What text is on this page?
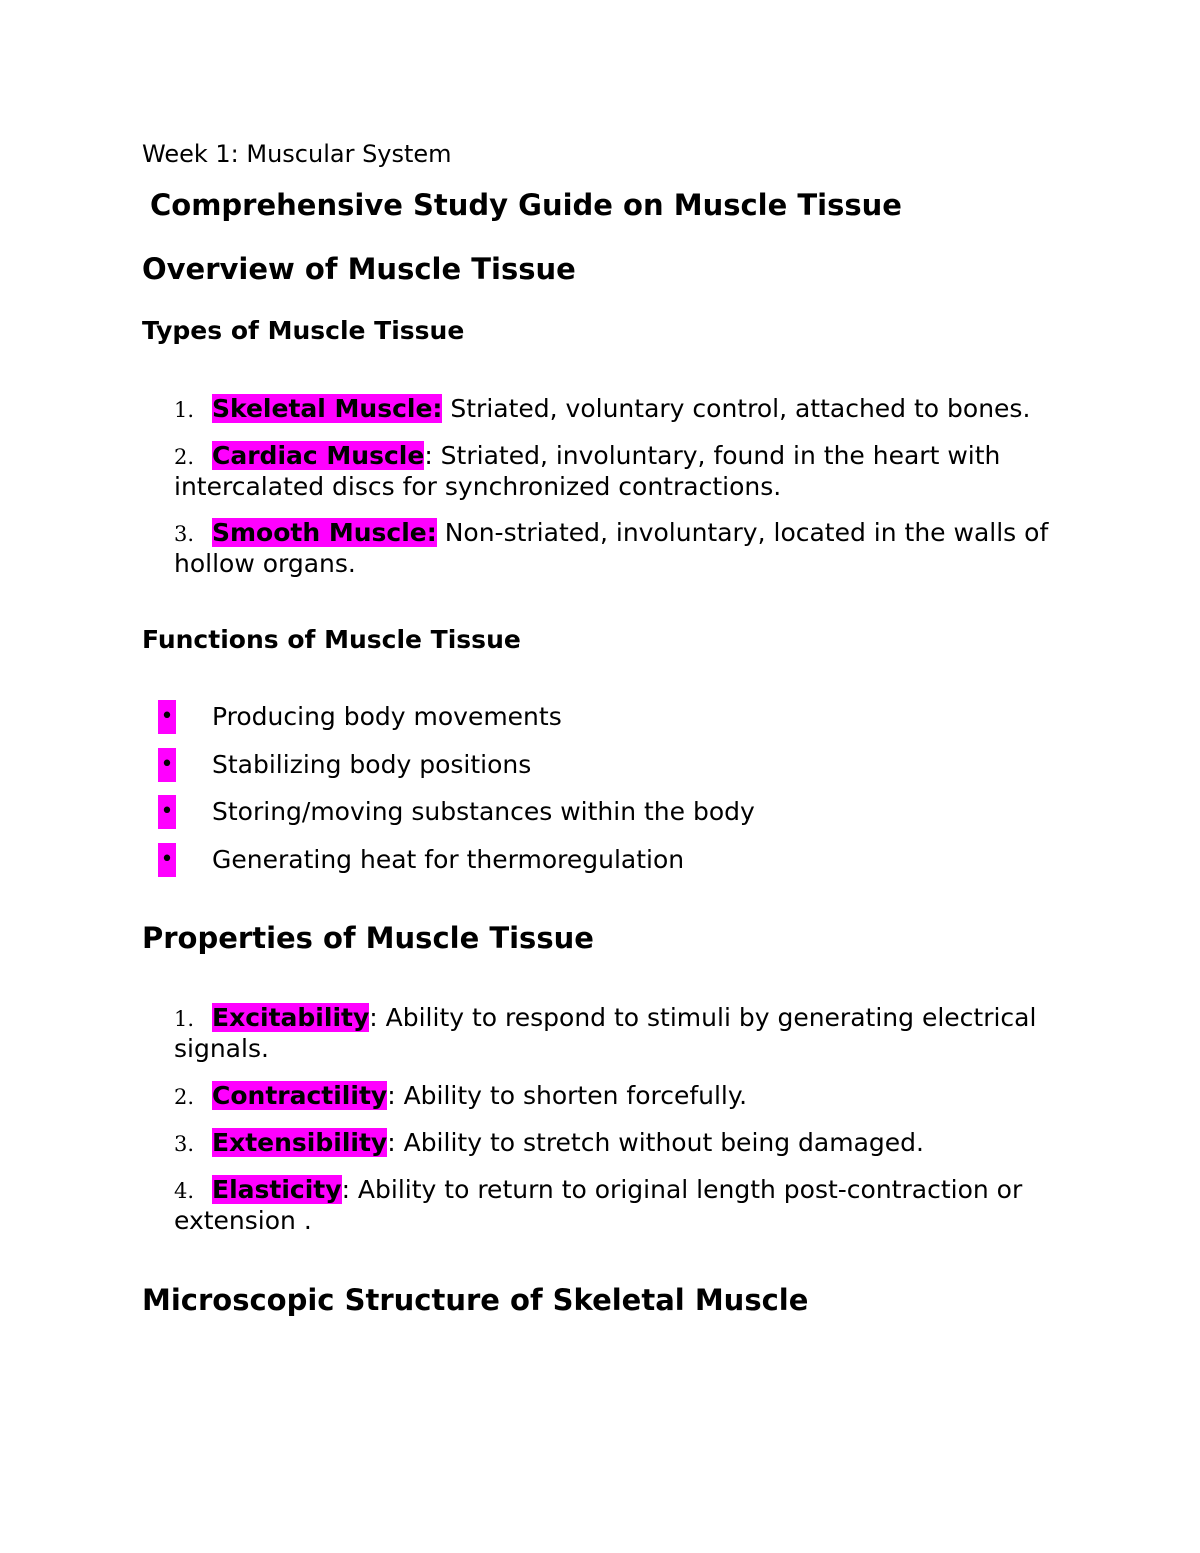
Week 1: Muscular System
Comprehensive Study Guide on Muscle Tissue
Overview of Muscle Tissue
Types of Muscle Tissue
1. Skeletal Muscle: Striated, voluntary control, attached to bones.
2. Cardiac Muscle: Striated, involuntary, found in the heart with intercalated discs for synchronized contractions.
3. Smooth Muscle: Non-striated, involuntary, located in the walls of hollow organs.
Functions of Muscle Tissue
• Producing body movements
• Stabilizing body positions
• Storing/moving substances within the body
• Generating heat for thermoregulation
Properties of Muscle Tissue
1. Excitability: Ability to respond to stimuli by generating electrical signals.
2. Contractility: Ability to shorten forcefully.
3. Extensibility: Ability to stretch without being damaged.
4. Elasticity: Ability to return to original length post-contraction or extension .
Microscopic Structure of Skeletal Muscle
